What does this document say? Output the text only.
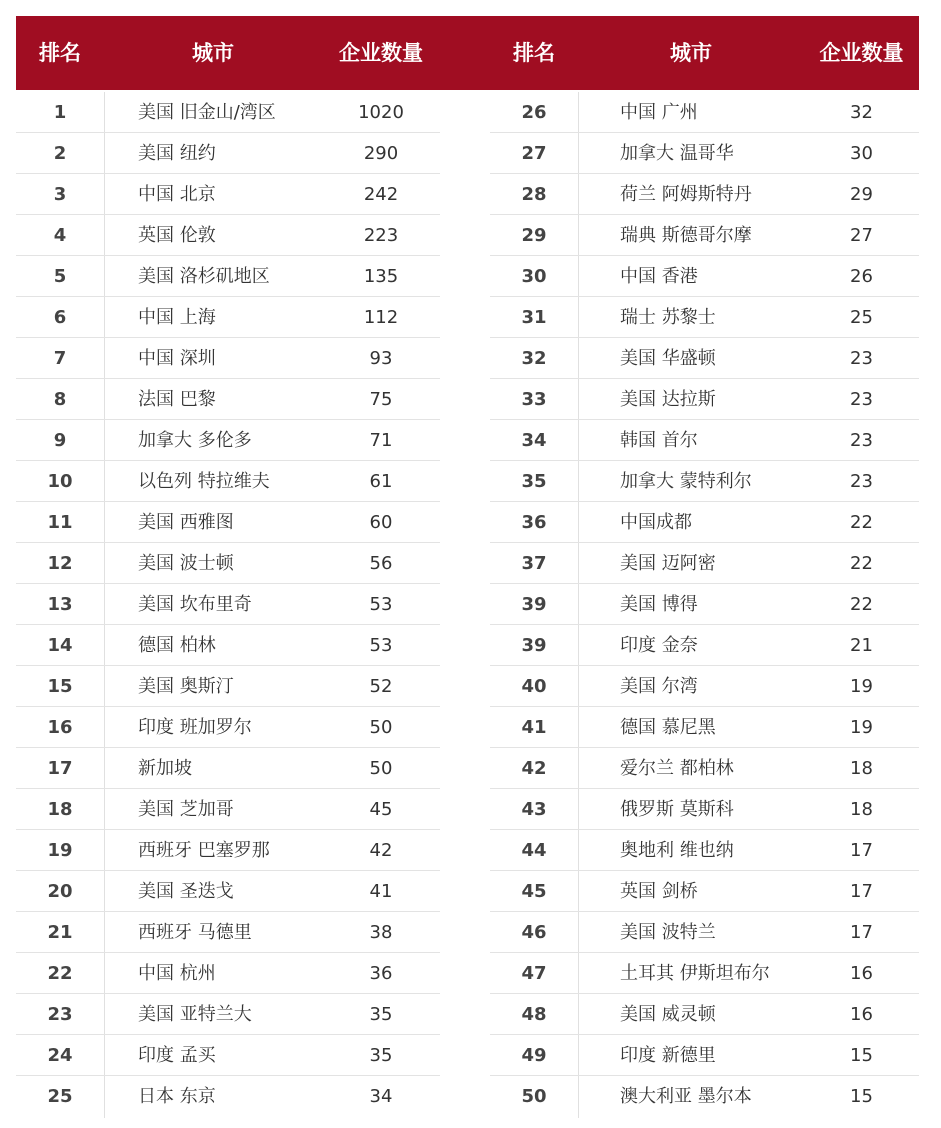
排名	城市	企业数量	排名	城市	企业数量
1	美国 旧金山/湾区	1020
2	美国 纽约	290
3	中国 北京	242
4	英国 伦敦	223
5	美国 洛杉矶地区	135
6	中国 上海	112
7	中国 深圳	93
8	法国 巴黎	75
9	加拿大 多伦多	71
10	以色列 特拉维夫	61
11	美国 西雅图	60
12	美国 波士顿	56
13	美国 坎布里奇	53
14	德国 柏林	53
15	美国 奥斯汀	52
16	印度 班加罗尔	50
17	新加坡	50
18	美国 芝加哥	45
19	西班牙 巴塞罗那	42
20	美国 圣迭戈	41
21	西班牙 马德里	38
22	中国 杭州	36
23	美国 亚特兰大	35
24	印度 孟买	35
25	日本 东京	34
26	中国 广州	32
27	加拿大 温哥华	30
28	荷兰 阿姆斯特丹	29
29	瑞典 斯德哥尔摩	27
30	中国 香港	26
31	瑞士 苏黎士	25
32	美国 华盛顿	23
33	美国 达拉斯	23
34	韩国 首尔	23
35	加拿大 蒙特利尔	23
36	中国成都	22
37	美国 迈阿密	22
39	美国 博得	22
39	印度 金奈	21
40	美国 尔湾	19
41	德国 慕尼黑	19
42	爱尔兰 都柏林	18
43	俄罗斯 莫斯科	18
44	奥地利 维也纳	17
45	英国 剑桥	17
46	美国 波特兰	17
47	土耳其 伊斯坦布尔	16
48	美国 威灵顿	16
49	印度 新德里	15
50	澳大利亚 墨尔本	15
